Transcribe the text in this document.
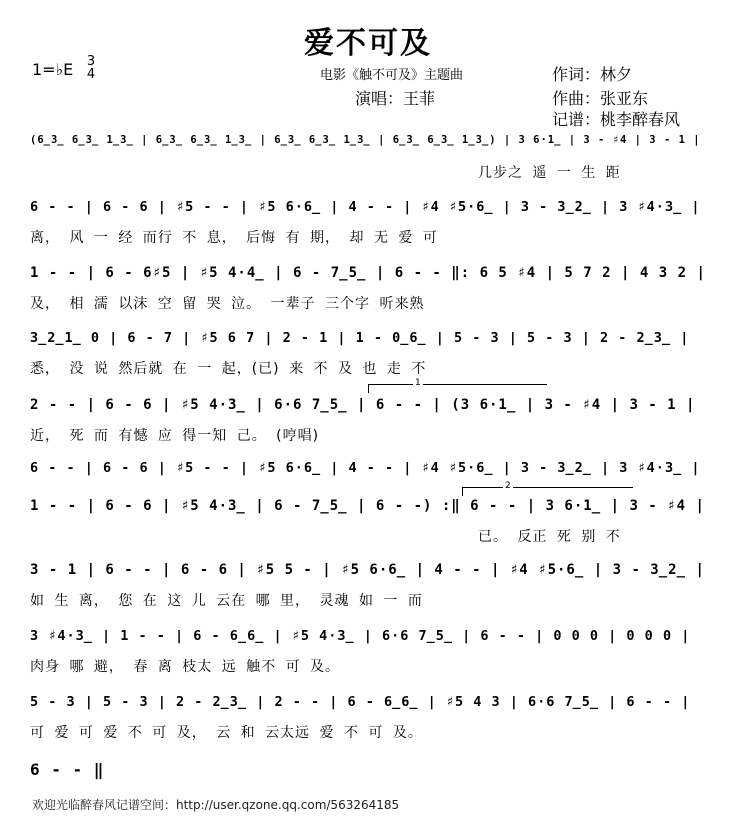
爱不可及
1=♭E 3
4	电影《触不可及》主题曲
演唱：王菲
作词：林夕
作曲：张亚东
记谱：桃李醉春风
(6̲3̲ 6̲3̲ 1̲3̲ | 6̲3̲ 6̲3̲ 1̲3̲ | 6̲3̲ 6̲3̲ 1̲3̲ | 6̲3̲ 6̲3̲ 1̲3̲) | 3 6·1̲ | 3 - ♯4 | 3 - 1 |
几步之 遥 一 生 距
6 - - | 6 - 6 | ♯5 - - | ♯5 6·6̲ | 4 - - | ♯4 ♯5·6̲ | 3 - 3̲2̲ | 3 ♯4·3̲ |
离， 风 一 经 而行 不 息， 后悔 有 期， 却 无 爱 可
1 - - | 6 - 6♯5 | ♯5 4·4̲ | 6 - 7̲5̲ | 6 - - ‖: 6 5 ♯4 | 5 7 2 | 4 3 2 |
及， 相 濡 以沫 空 留 哭 泣。 一辈子 三个字 听来熟
3̲2̲1̲ 0 | 6 - 7 | ♯5 6 7 | 2 - 1 | 1 - 0̲6̲ | 5 - 3 | 5 - 3 | 2 - 2̲3̲ |
悉， 没 说 然后就 在 一 起，(已) 来 不 及 也 走 不
1
2 - - | 6 - 6 | ♯5 4·3̲ | 6·6 7̲5̲ | 6 - - | (3 6·1̲ | 3 - ♯4 | 3 - 1 |
近， 死 而 有憾 应 得一知 己。 (哼唱)
6 - - | 6 - 6 | ♯5 - - | ♯5 6·6̲ | 4 - - | ♯4 ♯5·6̲ | 3 - 3̲2̲ | 3 ♯4·3̲ |
2
1 - - | 6 - 6 | ♯5 4·3̲ | 6 - 7̲5̲ | 6 - -) :‖ 6 - - | 3 6·1̲ | 3 - ♯4 |
已。 反正 死 别 不
3 - 1 | 6 - - | 6 - 6 | ♯5 5 - | ♯5 6·6̲ | 4 - - | ♯4 ♯5·6̲ | 3 - 3̲2̲ |
如 生 离， 您 在 这 儿 云在 哪 里， 灵魂 如 一 而
3 ♯4·3̲ | 1 - - | 6 - 6̲6̲ | ♯5 4·3̲ | 6·6 7̲5̲ | 6 - - | 0 0 0 | 0 0 0 |
肉身 哪 避， 春 离 枝太 远 触不 可 及。
5 - 3 | 5 - 3 | 2 - 2̲3̲ | 2 - - | 6 - 6̲6̲ | ♯5 4 3 | 6·6 7̲5̲ | 6 - - |
可 爱 可 爱 不 可 及， 云 和 云太远 爱 不 可 及。
6 - - ‖
欢迎光临醉春风记谱空间：http://user.qzone.qq.com/563264185
